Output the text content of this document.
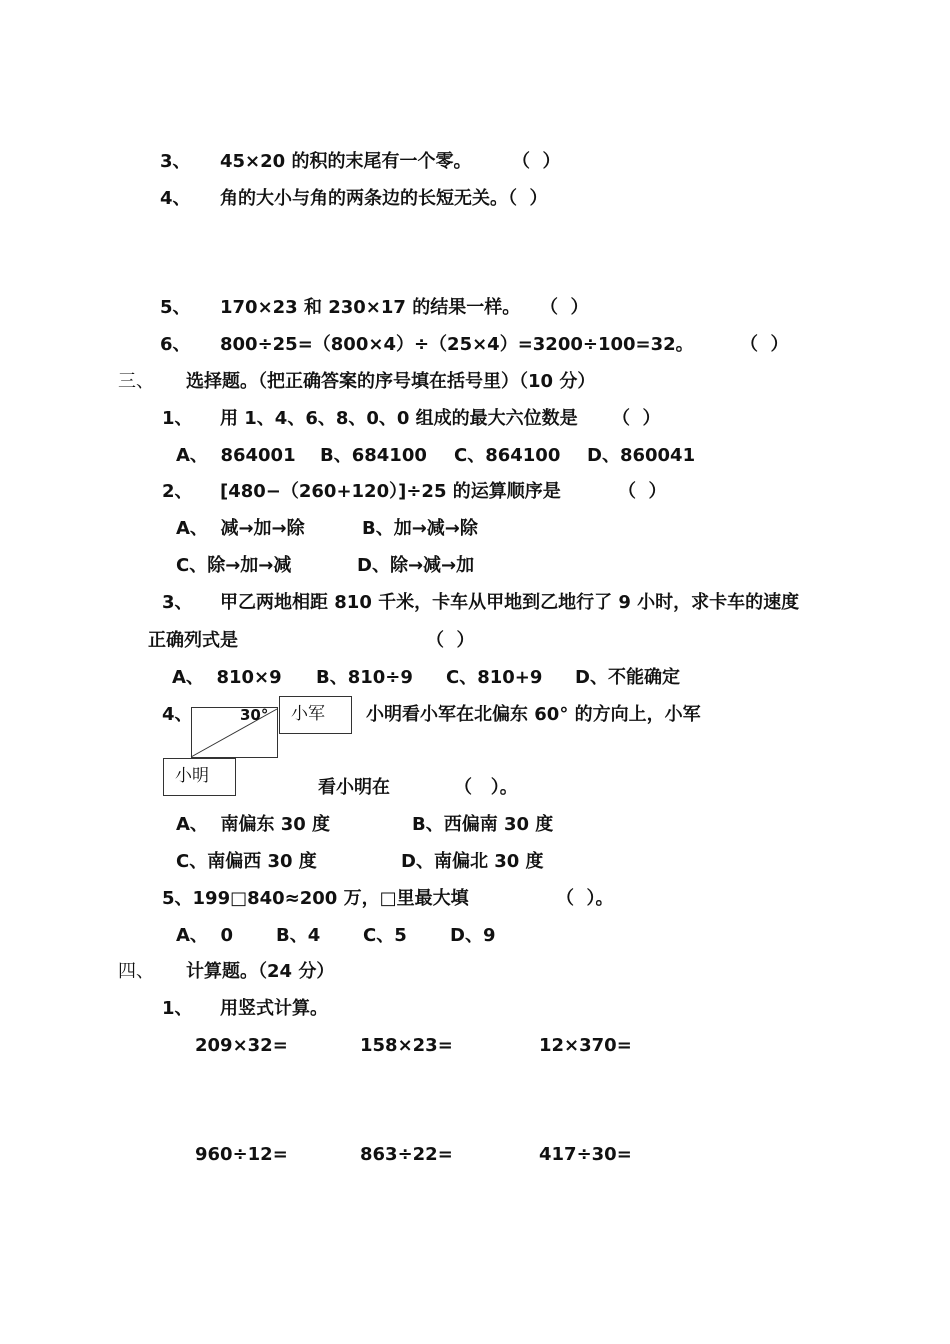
3、 45×20 的积的末尾有一个零。 （  ）
4、 角的大小与角的两条边的长短无关。（  ）
5、 170×23 和 230×17 的结果一样。 （  ）
6、 800÷25=（800×4）÷（25×4）=3200÷100=32。	（  ）
三、 选择题。（把正确答案的序号填在括号里）（10 分）
1、 用 1、4、6、8、0、0 组成的最大六位数是 （  ）
A、  864001 B、684100 C、864100 D、860041
2、 [480−（260+120）]÷25 的运算顺序是	（  ）
A、  减→加→除	B、加→减→除
C、除→加→减	D、除→减→加
3、 甲乙两地相距 810 千米，卡车从甲地到乙地行了 9 小时，求卡车的速度
正确列式是	（  ）
A、  810×9 B、810÷9 C、810+9 D、不能确定
4、	30°	小军
小明
小明看小军在北偏东 60° 的方向上，小军
看小明在	（   ）。
A、  南偏东 30 度	B、西偏南 30 度
C、南偏西 30 度	D、南偏北 30 度
5、199□840≈200 万，□里最大填	（  ）。
A、  0 B、4 C、5 D、9
四、 计算题。（24 分）
1、 用竖式计算。
209×32=	158×23=	12×370=
960÷12=	863÷22=	417÷30=
